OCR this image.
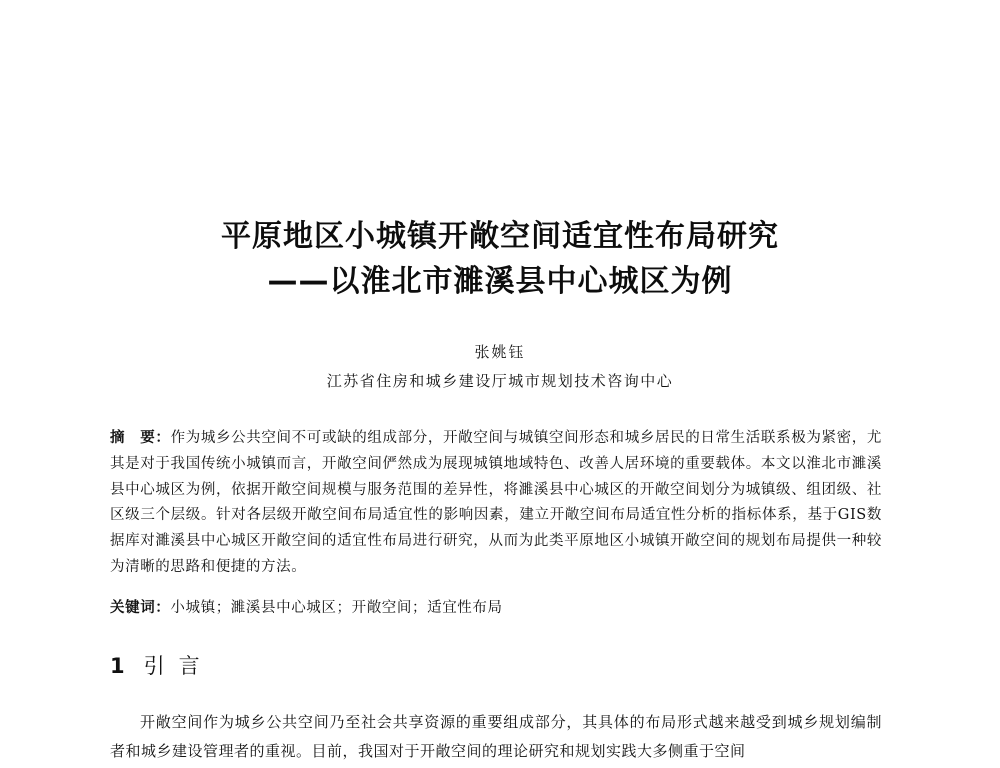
平原地区小城镇开敞空间适宜性布局研究
——以淮北市濉溪县中心城区为例
张姚钰
江苏省住房和城乡建设厅城市规划技术咨询中心

摘　要：作为城乡公共空间不可或缺的组成部分，开敞空间与城镇空间形态和城乡居民的日常生活联系极为紧密，尤其是对于我国传统小城镇而言，开敞空间俨然成为展现城镇地域特色、改善人居环境的重要载体。本文以淮北市濉溪县中心城区为例，依据开敞空间规模与服务范围的差异性，将濉溪县中心城区的开敞空间划分为城镇级、组团级、社区级三个层级。针对各层级开敞空间布局适宜性的影响因素，建立开敞空间布局适宜性分析的指标体系，基于GIS数据库对濉溪县中心城区开敞空间的适宜性布局进行研究，从而为此类平原地区小城镇开敞空间的规划布局提供一种较为清晰的思路和便捷的方法。

关键词：小城镇；濉溪县中心城区；开敞空间；适宜性布局

1 引言

开敞空间作为城乡公共空间乃至社会共享资源的重要组成部分，其具体的布局形式越来越受到城乡规划编制者和城乡建设管理者的重视。目前，我国对于开敞空间的理论研究和规划实践大多侧重于空间
